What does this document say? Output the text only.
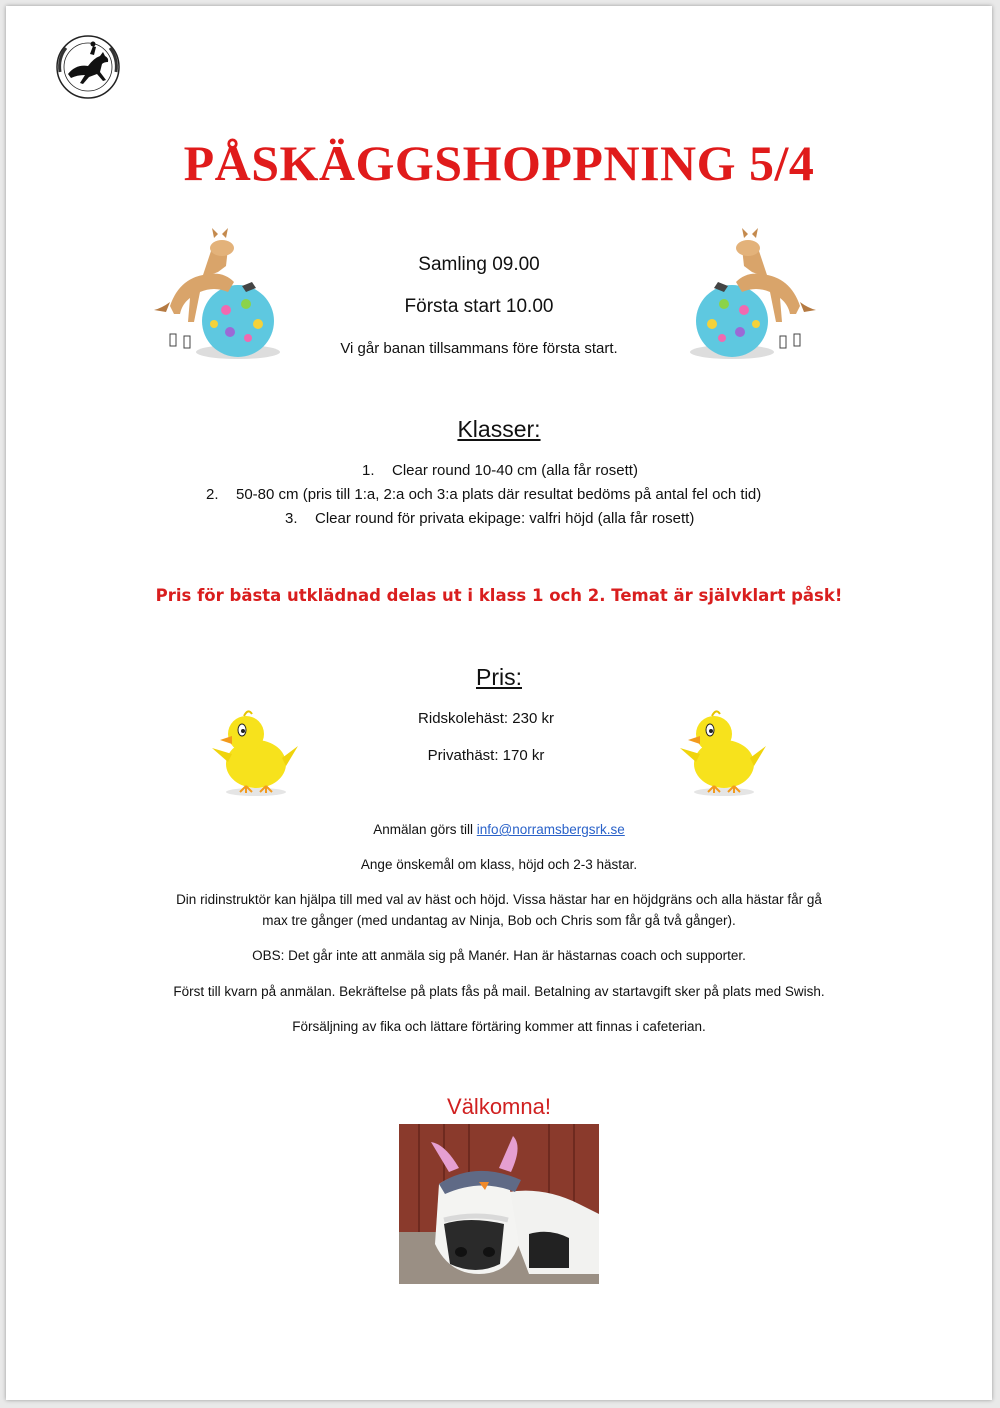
PÅSKÄGGSHOPPNING 5/4
Samling 09.00
Första start 10.00
Vi går banan tillsammans före första start.
Klasser:
1. Clear round 10-40 cm (alla får rosett)
2. 50-80 cm (pris till 1:a, 2:a och 3:a plats där resultat bedöms på antal fel och tid)
3. Clear round för privata ekipage: valfri höjd (alla får rosett)
Pris för bästa utklädnad delas ut i klass 1 och 2. Temat är självklart påsk!
Pris:
Ridskolehäst: 230 kr
Privathäst: 170 kr
Anmälan görs till info@norramsbergsrk.se
Ange önskemål om klass, höjd och 2-3 hästar.
Din ridinstruktör kan hjälpa till med val av häst och höjd. Vissa hästar har en höjdgräns och alla hästar får gå
max tre gånger (med undantag av Ninja, Bob och Chris som får gå två gånger).
OBS: Det går inte att anmäla sig på Manér. Han är hästarnas coach och supporter.
Först till kvarn på anmälan. Bekräftelse på plats fås på mail. Betalning av startavgift sker på plats med Swish.
Försäljning av fika och lättare förtäring kommer att finnas i cafeterian.
Välkomna!
